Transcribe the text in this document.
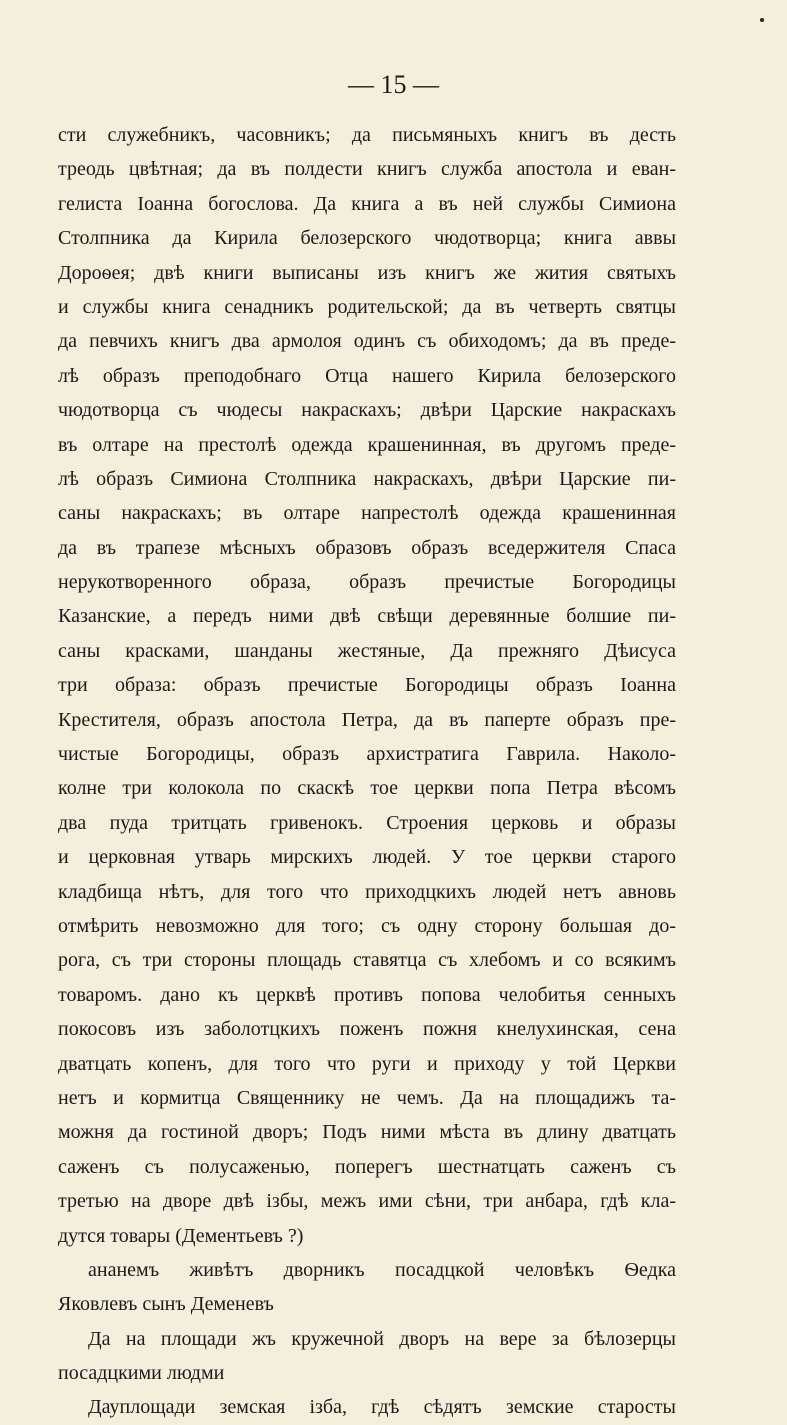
— 15 —
сти служебникъ, часовникъ; да письмяныхъ книгъ въ десть
треодь цвѣтная; да въ полдести книгъ служба апостола и еван-
гелиста Іоанна богослова. Да книга а въ ней службы Симиона
Столпника да Кирила белозерского чюдотворца; книга аввы
Дороѳея; двѣ книги выписаны изъ книгъ же жития святыхъ
и службы книга сенадникъ родительской; да въ четверть святцы
да певчихъ книгъ два армолоя одинъ съ обиходомъ; да въ преде-
лѣ образъ преподобнаго Отца нашего Кирила белозерского
чюдотворца съ чюдесы накраскахъ; двѣри Царские накраскахъ
въ олтаре на престолѣ одежда крашенинная, въ другомъ преде-
лѣ образъ Симиона Столпника накраскахъ, двѣри Царские пи-
саны накраскахъ; въ олтаре напрестолѣ одежда крашенинная
да въ трапезе мѣсныхъ образовъ образъ вседержителя Спаса
нерукотворенного образа, образъ пречистые Богородицы
Казанские, а передъ ними двѣ свѣщи деревянные болшие пи-
саны красками, шанданы жестяные, Да прежняго Дѣисуса
три образа: образъ пречистые Богородицы образъ Іоанна
Крестителя, образъ апостола Петра, да въ паперте образъ пре-
чистые Богородицы, образъ архистратига Гаврила. Наколо-
колне три колокола по скаскѣ тое церкви попа Петра вѣсомъ
два пуда тритцать гривенокъ. Строения церковь и образы
и церковная утварь мирскихъ людей. У тое церкви старого
кладбища нѣтъ, для того что приходцкихъ людей нетъ авновь
отмѣрить невозможно для того; съ одну сторону большая до-
рога, съ три стороны площадь ставятца съ хлебомъ и со всякимъ
товаромъ. дано къ церквѣ противъ попова челобитья сенныхъ
покосовъ изъ заболотцкихъ поженъ пожня кнелухинская, сена
дватцать копенъ, для того что руги и приходу у той Церкви
нетъ и кормитца Священнику не чемъ. Да на площадижъ та-
можня да гостиной дворъ; Подъ ними мѣста въ длину дватцать
саженъ съ полусаженью, поперегъ шестнатцать саженъ съ
третью на дворе двѣ ізбы, межъ ими сѣни, три анбара, гдѣ кла-
дутся товары (Дементьевъ ?)
ананемъ живѣтъ дворникъ посадцкой человѣкъ Ѳедка
Яковлевъ сынъ Деменевъ
Да на площади жъ кружечной дворъ на вере за бѣлозерцы
посадцкими людми
Дауплощади земская ізба, гдѣ сѣдятъ земские старосты
